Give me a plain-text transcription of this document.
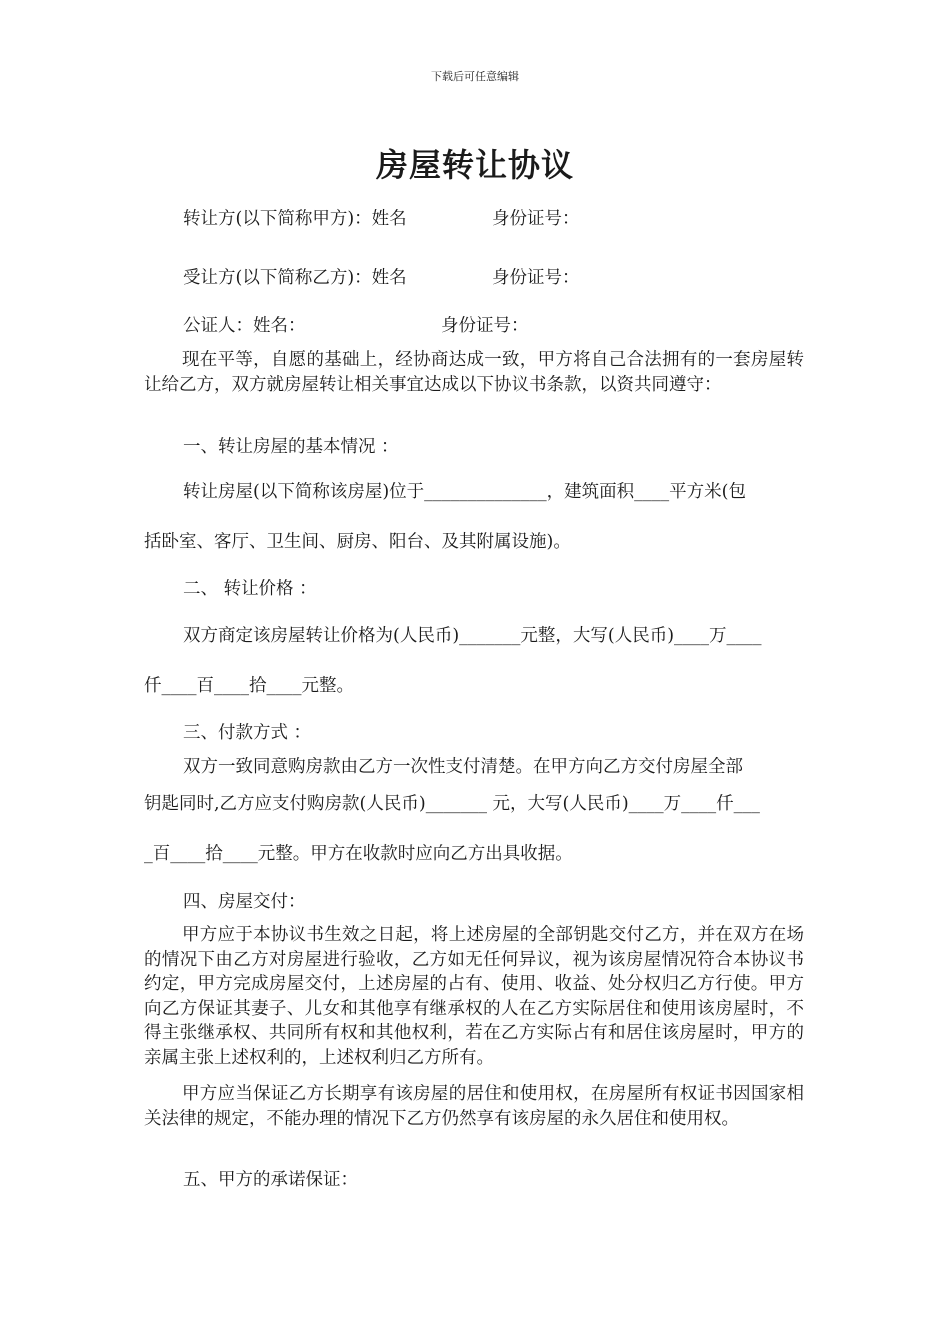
下载后可任意编辑
房屋转让协议
转让方(以下简称甲方)：姓名	身份证号：
受让方(以下简称乙方)：姓名	身份证号：
公证人：姓名：	身份证号：
现在平等，自愿的基础上，经协商达成一致，甲方将自己合法拥有的一套房屋转让给乙方，双方就房屋转让相关事宜达成以下协议书条款，以资共同遵守：
一、转让房屋的基本情况 ：
转让房屋(以下简称该房屋)位于______________，建筑面积____平方米(包
括卧室、客厅、卫生间、厨房、阳台、及其附属设施)。
二、 转让价格 ：
双方商定该房屋转让价格为(人民币)_______元整，大写(人民币)____万____
仟____百____拾____元整。
三、付款方式 ：
双方一致同意购房款由乙方一次性支付清楚。在甲方向乙方交付房屋全部
钥匙同时,乙方应支付购房款(人民币)_______ 元，大写(人民币)____万____仟___
_百____拾____元整。甲方在收款时应向乙方出具收据。
四、房屋交付：
甲方应于本协议书生效之日起，将上述房屋的全部钥匙交付乙方，并在双方在场的情况下由乙方对房屋进行验收，乙方如无任何异议，视为该房屋情况符合本协议书约定，甲方完成房屋交付，上述房屋的占有、使用、收益、处分权归乙方行使。甲方向乙方保证其妻子、儿女和其他享有继承权的人在乙方实际居住和使用该房屋时，不得主张继承权、共同所有权和其他权利，若在乙方实际占有和居住该房屋时，甲方的亲属主张上述权利的，上述权利归乙方所有。
甲方应当保证乙方长期享有该房屋的居住和使用权，在房屋所有权证书因国家相关法律的规定，不能办理的情况下乙方仍然享有该房屋的永久居住和使用权。
五、甲方的承诺保证：
